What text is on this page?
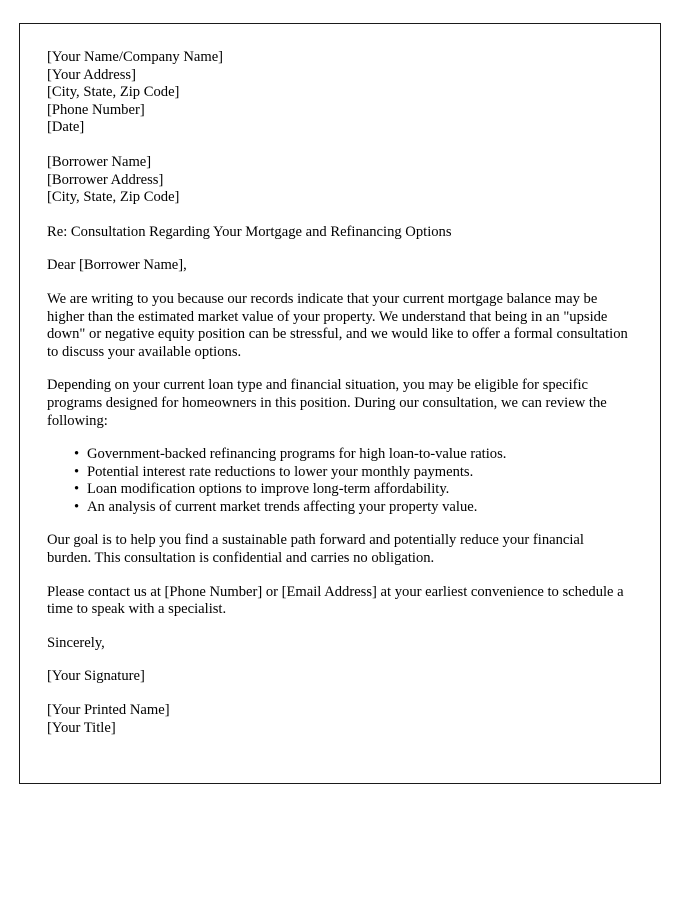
[Your Name/Company Name]
[Your Address]
[City, State, Zip Code]
[Phone Number]
[Date]
[Borrower Name]
[Borrower Address]
[City, State, Zip Code]
Re: Consultation Regarding Your Mortgage and Refinancing Options
Dear [Borrower Name],
We are writing to you because our records indicate that your current mortgage balance may be higher than the estimated market value of your property. We understand that being in an "upside down" or negative equity position can be stressful, and we would like to offer a formal consultation to discuss your available options.
Depending on your current loan type and financial situation, you may be eligible for specific programs designed for homeowners in this position. During our consultation, we can review the following:
• Government-backed refinancing programs for high loan-to-value ratios.
• Potential interest rate reductions to lower your monthly payments.
• Loan modification options to improve long-term affordability.
• An analysis of current market trends affecting your property value.
Our goal is to help you find a sustainable path forward and potentially reduce your financial burden. This consultation is confidential and carries no obligation.
Please contact us at [Phone Number] or [Email Address] at your earliest convenience to schedule a time to speak with a specialist.
Sincerely,
[Your Signature]
[Your Printed Name]
[Your Title]
